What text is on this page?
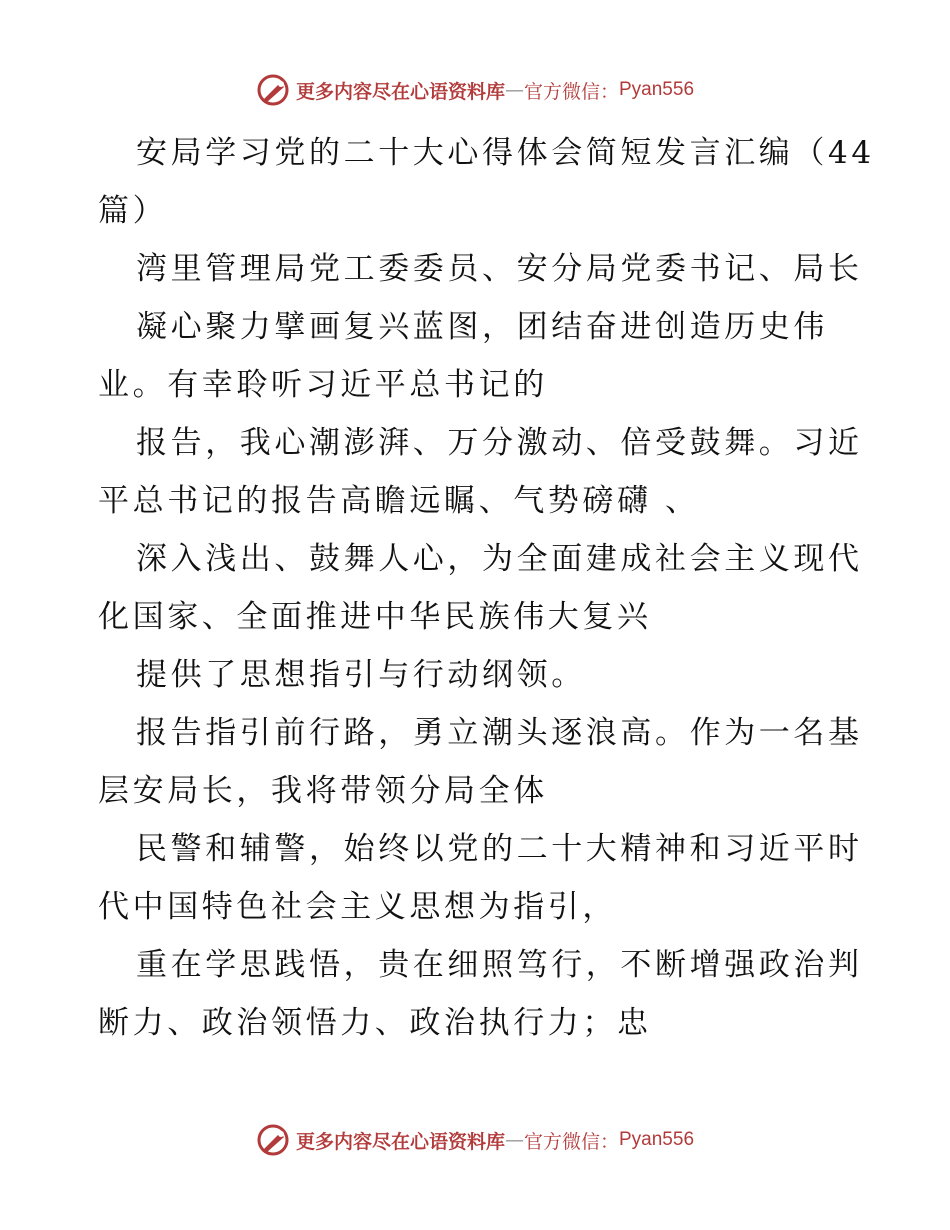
更多内容尽在心语资料库 — 官方微信： Pyan556
安局学习党的二十大心得体会简短发言汇编（44
篇）
湾里管理局党工委委员、安分局党委书记、局长
凝心聚力擘画复兴蓝图，团结奋进创造历史伟
业。有幸聆听习近平总书记的
报告，我心潮澎湃、万分激动、倍受鼓舞。习近
平总书记的报告高瞻远瞩、气势磅礴 、
深入浅出、鼓舞人心，为全面建成社会主义现代
化国家、全面推进中华民族伟大复兴
提供了思想指引与行动纲领。
报告指引前行路，勇立潮头逐浪高。作为一名基
层安局长，我将带领分局全体
民警和辅警，始终以党的二十大精神和习近平时
代中国特色社会主义思想为指引，
重在学思践悟，贵在细照笃行，不断增强政治判
断力、政治领悟力、政治执行力；忠
更多内容尽在心语资料库 — 官方微信： Pyan556
